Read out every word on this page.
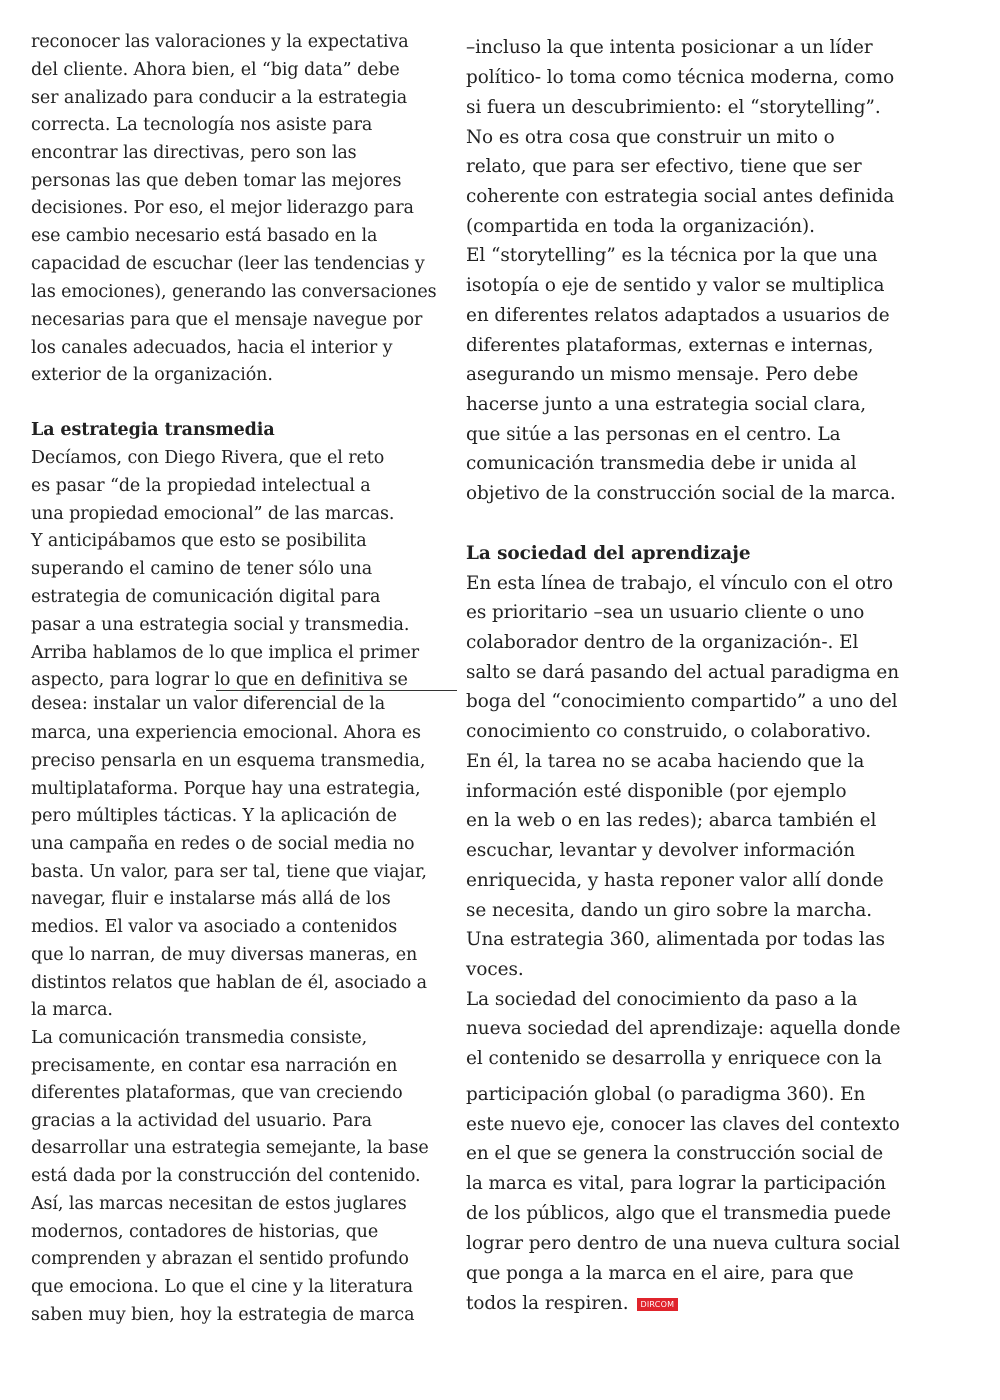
reconocer las valoraciones y la expectativa
del cliente. Ahora bien, el “big data” debe
ser analizado para conducir a la estrategia
correcta. La tecnología nos asiste para
encontrar las directivas, pero son las
personas las que deben tomar las mejores
decisiones. Por eso, el mejor liderazgo para
ese cambio necesario está basado en la
capacidad de escuchar (leer las tendencias y
las emociones), generando las conversaciones
necesarias para que el mensaje navegue por
los canales adecuados, hacia el interior y
exterior de la organización.
La estrategia transmedia
Decíamos, con Diego Rivera, que el reto
es pasar “de la propiedad intelectual a
una propiedad emocional” de las marcas.
Y anticipábamos que esto se posibilita
superando el camino de tener sólo una
estrategia de comunicación digital para
pasar a una estrategia social y transmedia.
Arriba hablamos de lo que implica el primer
aspecto, para lograr lo que en definitiva se
desea: instalar un valor diferencial de la
marca, una experiencia emocional. Ahora es
preciso pensarla en un esquema transmedia,
multiplataforma. Porque hay una estrategia,
pero múltiples tácticas. Y la aplicación de
una campaña en redes o de social media no
basta. Un valor, para ser tal, tiene que viajar,
navegar, fluir e instalarse más allá de los
medios. El valor va asociado a contenidos
que lo narran, de muy diversas maneras, en
distintos relatos que hablan de él, asociado a
la marca.
La comunicación transmedia consiste,
precisamente, en contar esa narración en
diferentes plataformas, que van creciendo
gracias a la actividad del usuario. Para
desarrollar una estrategia semejante, la base
está dada por la construcción del contenido.
Así, las marcas necesitan de estos juglares
modernos, contadores de historias, que
comprenden y abrazan el sentido profundo
que emociona. Lo que el cine y la literatura
saben muy bien, hoy la estrategia de marca
–incluso la que intenta posicionar a un líder
político- lo toma como técnica moderna, como
si fuera un descubrimiento: el “storytelling”.
No es otra cosa que construir un mito o
relato, que para ser efectivo, tiene que ser
coherente con estrategia social antes definida
(compartida en toda la organización).
El “storytelling” es la técnica por la que una
isotopía o eje de sentido y valor se multiplica
en diferentes relatos adaptados a usuarios de
diferentes plataformas, externas e internas,
asegurando un mismo mensaje. Pero debe
hacerse junto a una estrategia social clara,
que sitúe a las personas en el centro. La
comunicación transmedia debe ir unida al
objetivo de la construcción social de la marca.
La sociedad del aprendizaje
En esta línea de trabajo, el vínculo con el otro
es prioritario –sea un usuario cliente o uno
colaborador dentro de la organización-. El
salto se dará pasando del actual paradigma en
boga del “conocimiento compartido” a uno del
conocimiento co construido, o colaborativo.
En él, la tarea no se acaba haciendo que la
información esté disponible (por ejemplo
en la web o en las redes); abarca también el
escuchar, levantar y devolver información
enriquecida, y hasta reponer valor allí donde
se necesita, dando un giro sobre la marcha.
Una estrategia 360, alimentada por todas las
voces.
La sociedad del conocimiento da paso a la
nueva sociedad del aprendizaje: aquella donde
el contenido se desarrolla y enriquece con la
participación global (o paradigma 360). En
este nuevo eje, conocer las claves del contexto
en el que se genera la construcción social de
la marca es vital, para lograr la participación
de los públicos, algo que el transmedia puede
lograr pero dentro de una nueva cultura social
que ponga a la marca en el aire, para que
todos la respiren. DIRCOM
